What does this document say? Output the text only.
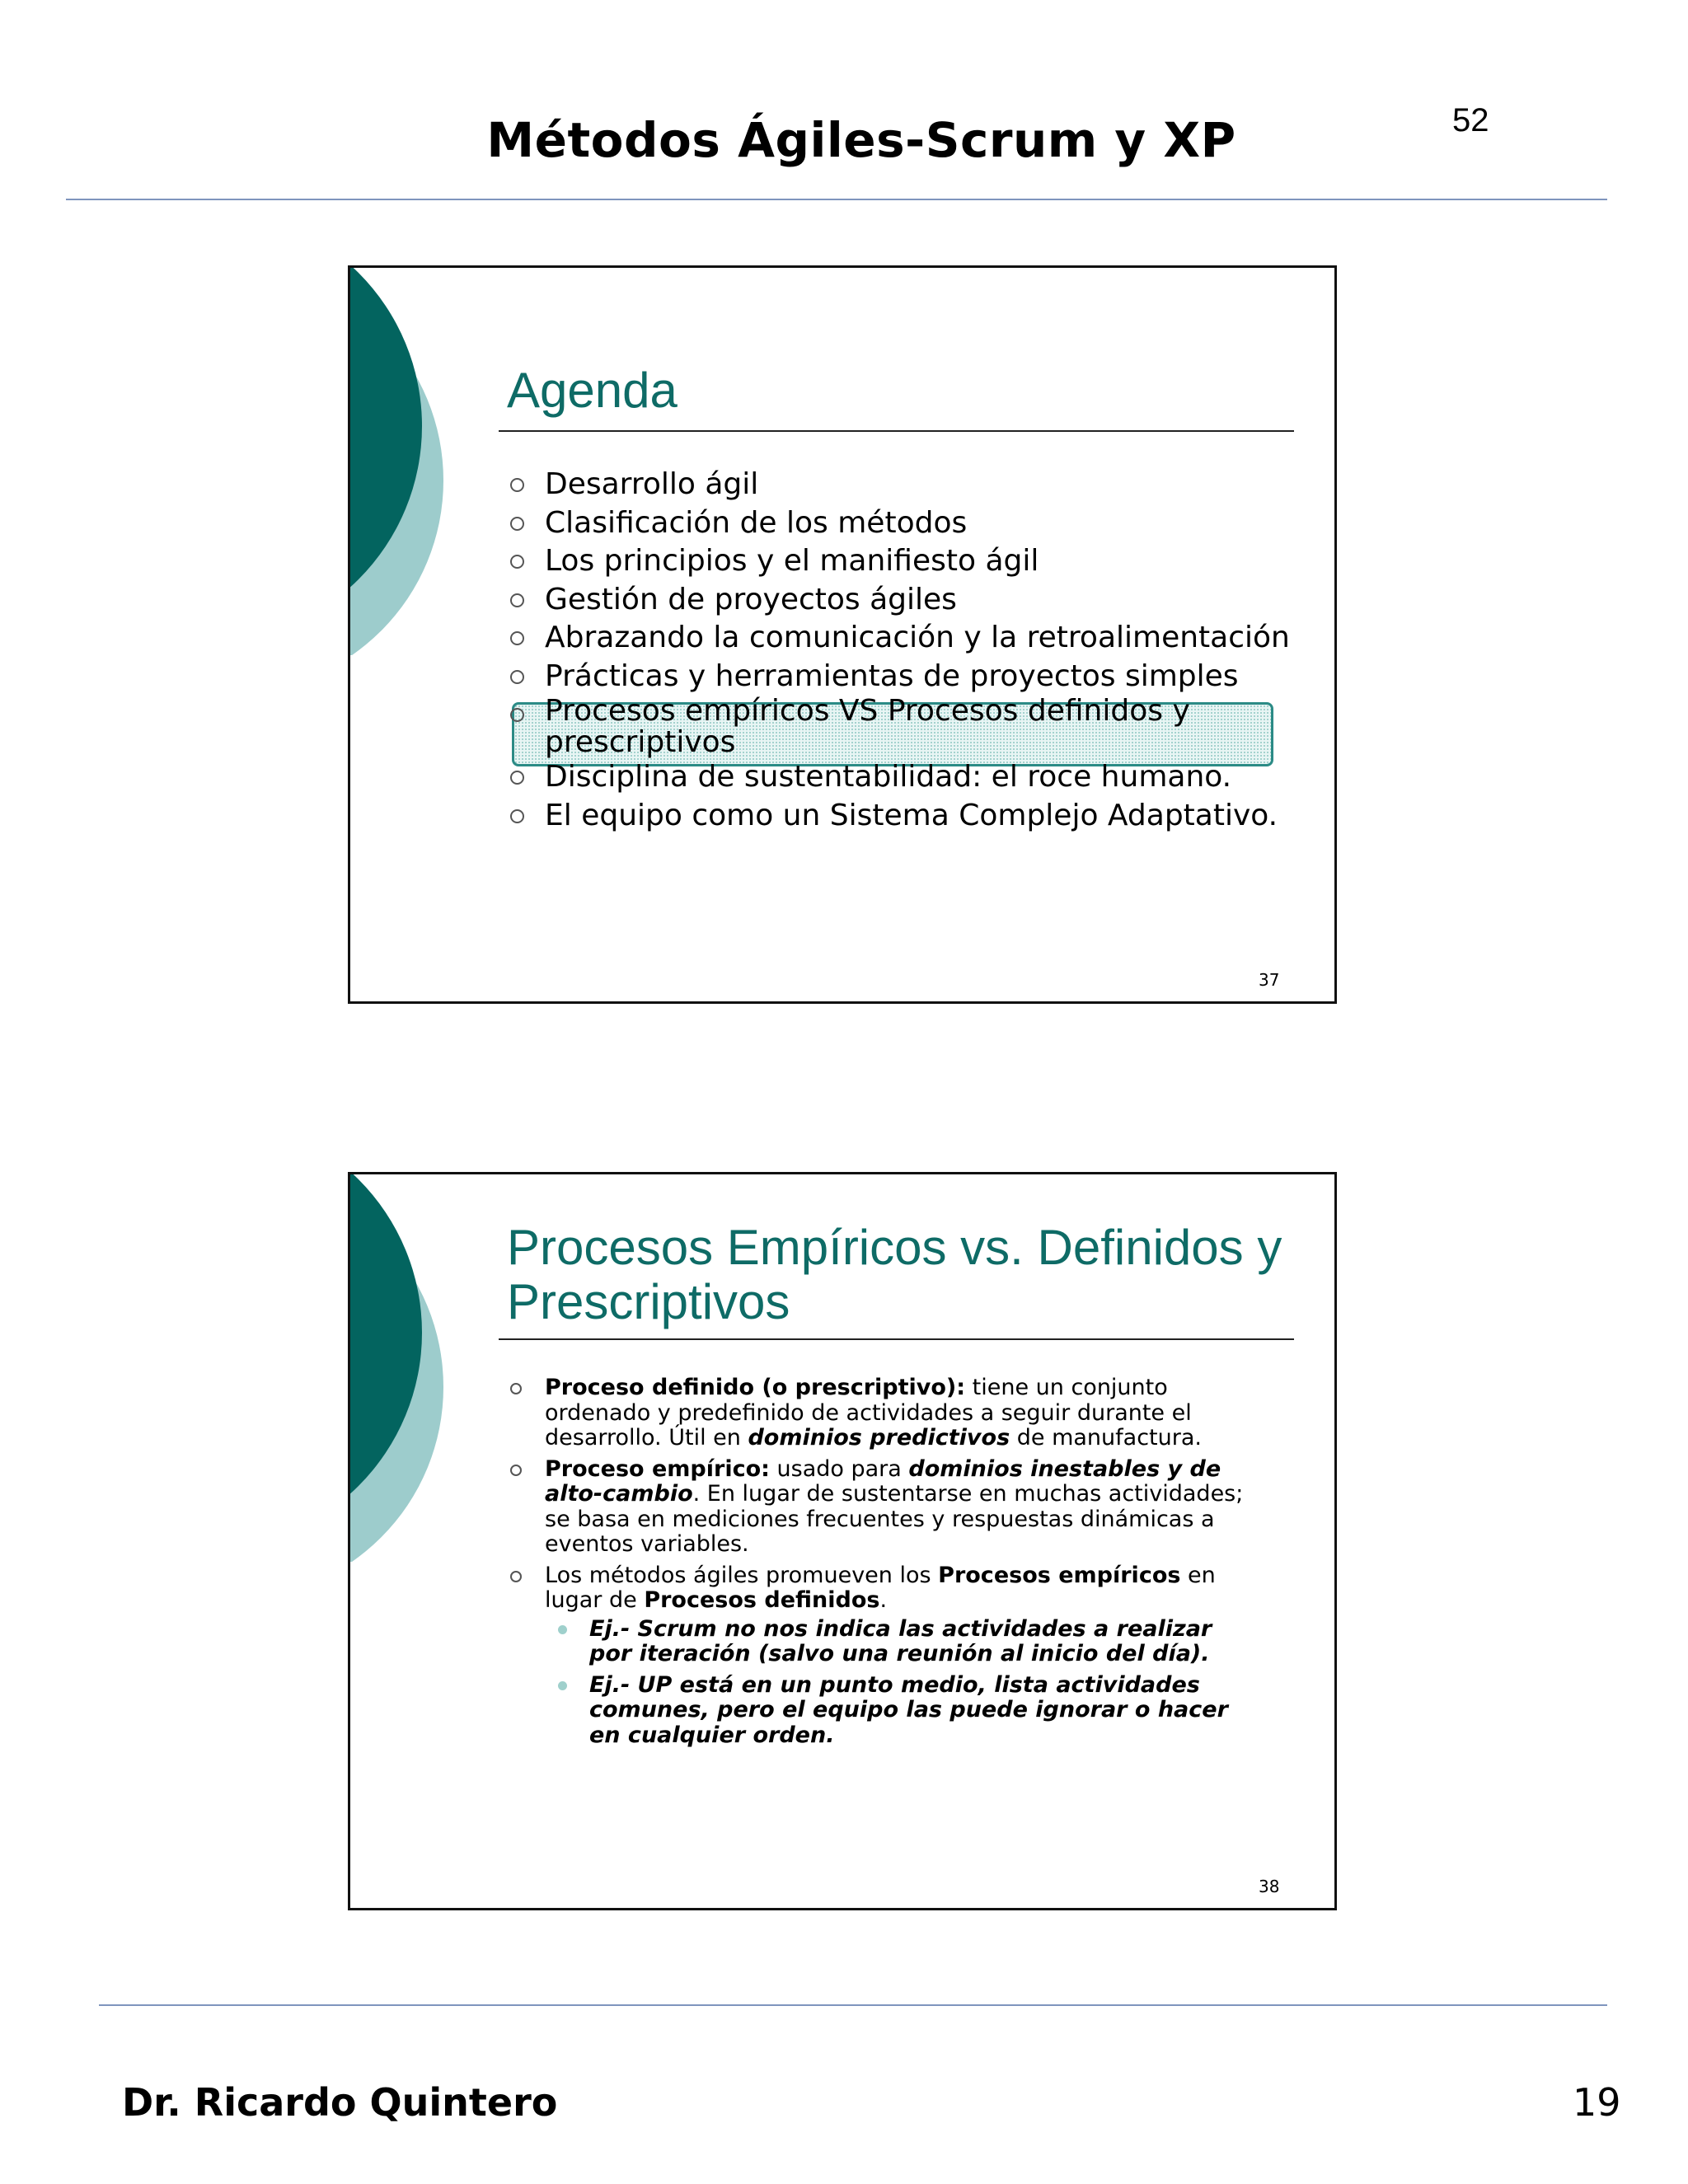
Métodos Ágiles-Scrum y XP	52
Agenda
Desarrollo ágil
Clasificación de los métodos
Los principios y el manifiesto ágil
Gestión de proyectos ágiles
Abrazando la comunicación y la retroalimentación
Prácticas y herramientas de proyectos simples
Procesos empíricos VS Procesos definidos y prescriptivos
Disciplina de sustentabilidad: el roce humano.
El equipo como un Sistema Complejo Adaptativo.
37
Procesos Empíricos vs. Definidos y
Prescriptivos
Proceso definido (o prescriptivo): tiene un conjunto ordenado y predefinido de actividades a seguir durante el desarrollo. Útil en dominios predictivos de manufactura.
Proceso empírico: usado para dominios inestables y de alto-cambio. En lugar de sustentarse en muchas actividades; se basa en mediciones frecuentes y respuestas dinámicas a eventos variables.
Los métodos ágiles promueven los Procesos empíricos en lugar de Procesos definidos.
Ej.- Scrum no nos indica las actividades a realizar por iteración (salvo una reunión al inicio del día).
Ej.- UP está en un punto medio, lista actividades comunes, pero el equipo las puede ignorar o hacer en cualquier orden.
38
Dr. Ricardo Quintero	19
